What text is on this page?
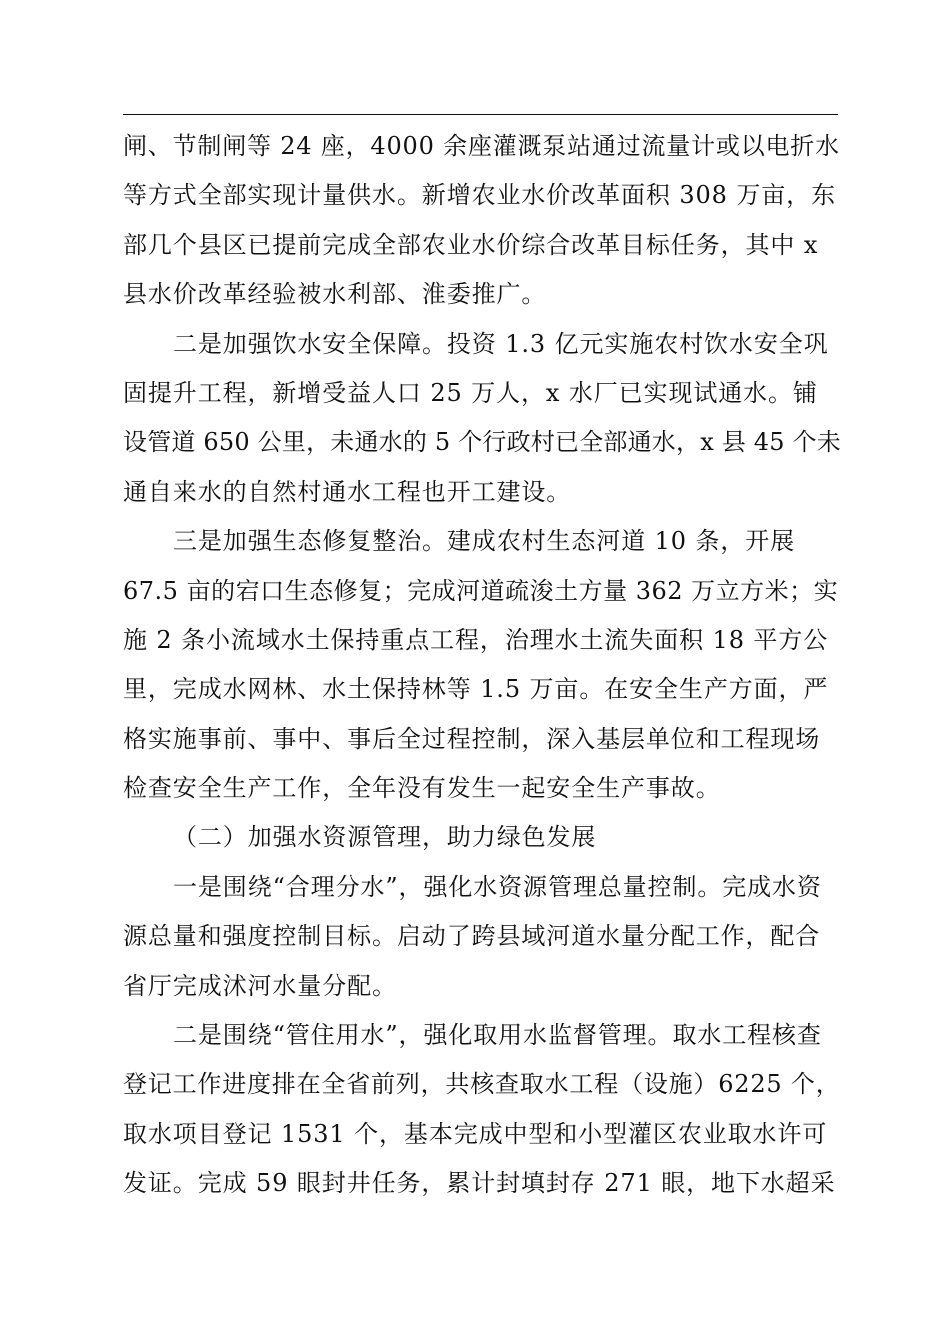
闸、节制闸等 24 座，4000 余座灌溉泵站通过流量计或以电折水
等方式全部实现计量供水。新增农业水价改革面积 308 万亩，东
部几个县区已提前完成全部农业水价综合改革目标任务，其中 x
县水价改革经验被水利部、淮委推广。
二是加强饮水安全保障。投资 1.3 亿元实施农村饮水安全巩
固提升工程，新增受益人口 25 万人，x 水厂已实现试通水。铺
设管道 650 公里，未通水的 5 个行政村已全部通水，x 县 45 个未
通自来水的自然村通水工程也开工建设。
三是加强生态修复整治。建成农村生态河道 10 条，开展
67.5 亩的宕口生态修复；完成河道疏浚土方量 362 万立方米；实
施 2 条小流域水土保持重点工程，治理水土流失面积 18 平方公
里，完成水网林、水土保持林等 1.5 万亩。在安全生产方面，严
格实施事前、事中、事后全过程控制，深入基层单位和工程现场
检查安全生产工作，全年没有发生一起安全生产事故。
（二）加强水资源管理，助力绿色发展
一是围绕“合理分水”，强化水资源管理总量控制。完成水资
源总量和强度控制目标。启动了跨县域河道水量分配工作，配合
省厅完成沭河水量分配。
二是围绕“管住用水”，强化取用水监督管理。取水工程核查
登记工作进度排在全省前列，共核查取水工程（设施）6225 个，
取水项目登记 1531 个，基本完成中型和小型灌区农业取水许可
发证。完成 59 眼封井任务，累计封填封存 271 眼，地下水超采
